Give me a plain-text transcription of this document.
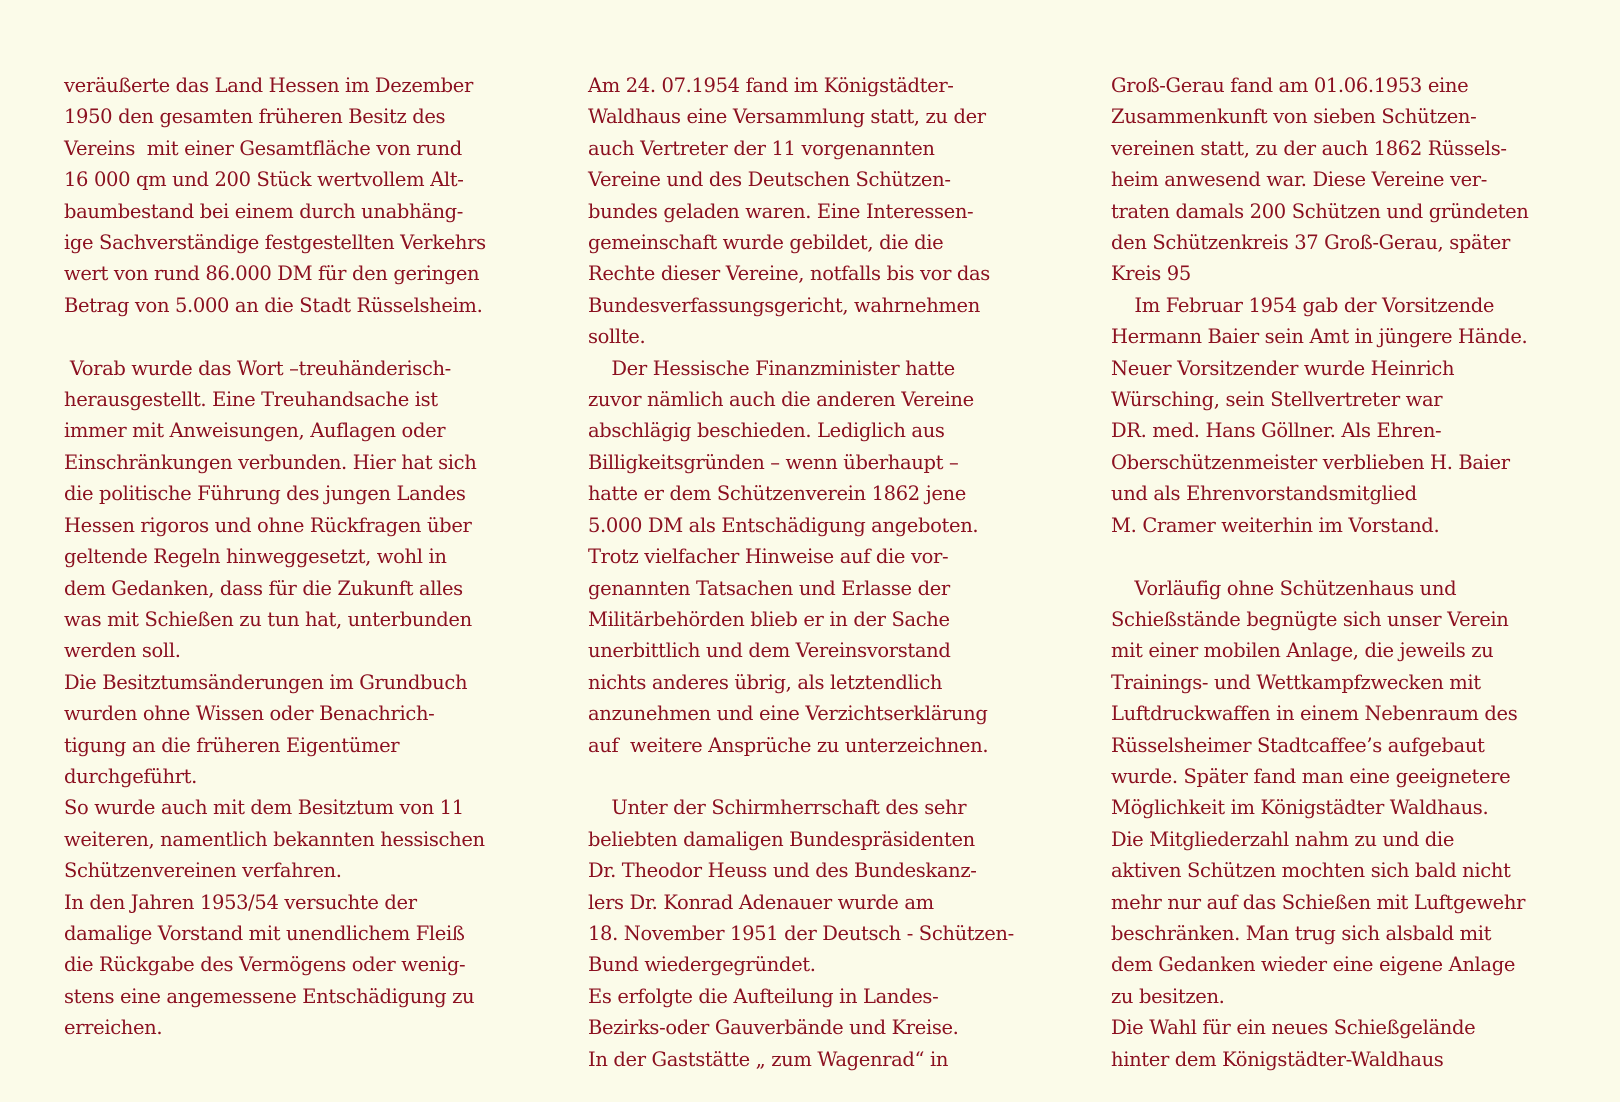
veräußerte das Land Hessen im Dezember
1950 den gesamten früheren Besitz des
Vereins  mit einer Gesamtfläche von rund
16 000 qm und 200 Stück wertvollem Alt-
baumbestand bei einem durch unabhäng-
ige Sachverständige festgestellten Verkehrs
wert von rund 86.000 DM für den geringen
Betrag von 5.000 an die Stadt Rüsselsheim.

Vorab wurde das Wort –treuhänderisch-
herausgestellt. Eine Treuhandsache ist
immer mit Anweisungen, Auflagen oder
Einschränkungen verbunden. Hier hat sich
die politische Führung des jungen Landes
Hessen rigoros und ohne Rückfragen über
geltende Regeln hinweggesetzt, wohl in
dem Gedanken, dass für die Zukunft alles
was mit Schießen zu tun hat, unterbunden
werden soll.
Die Besitztumsänderungen im Grundbuch
wurden ohne Wissen oder Benachrich-
tigung an die früheren Eigentümer
durchgeführt.
So wurde auch mit dem Besitztum von 11
weiteren, namentlich bekannten hessischen
Schützenvereinen verfahren.
In den Jahren 1953/54 versuchte der
damalige Vorstand mit unendlichem Fleiß
die Rückgabe des Vermögens oder wenig-
stens eine angemessene Entschädigung zu
erreichen.

Am 24. 07.1954 fand im Königstädter-
Waldhaus eine Versammlung statt, zu der
auch Vertreter der 11 vorgenannten
Vereine und des Deutschen Schützen-
bundes geladen waren. Eine Interessen-
gemeinschaft wurde gebildet, die die
Rechte dieser Vereine, notfalls bis vor das
Bundesverfassungsgericht, wahrnehmen
sollte.
Der Hessische Finanzminister hatte
zuvor nämlich auch die anderen Vereine
abschlägig beschieden. Lediglich aus
Billigkeitsgründen – wenn überhaupt –
hatte er dem Schützenverein 1862 jene
5.000 DM als Entschädigung angeboten.
Trotz vielfacher Hinweise auf die vor-
genannten Tatsachen und Erlasse der
Militärbehörden blieb er in der Sache
unerbittlich und dem Vereinsvorstand
nichts anderes übrig, als letztendlich
anzunehmen und eine Verzichtserklärung
auf  weitere Ansprüche zu unterzeichnen.

Unter der Schirmherrschaft des sehr
beliebten damaligen Bundespräsidenten
Dr. Theodor Heuss und des Bundeskanz-
lers Dr. Konrad Adenauer wurde am
18. November 1951 der Deutsch - Schützen-
Bund wiedergegründet.
Es erfolgte die Aufteilung in Landes-
Bezirks-oder Gauverbände und Kreise.
In der Gaststätte „ zum Wagenrad“ in

Groß-Gerau fand am 01.06.1953 eine
Zusammenkunft von sieben Schützen-
vereinen statt, zu der auch 1862 Rüssels-
heim anwesend war. Diese Vereine ver-
traten damals 200 Schützen und gründeten
den Schützenkreis 37 Groß-Gerau, später
Kreis 95
Im Februar 1954 gab der Vorsitzende
Hermann Baier sein Amt in jüngere Hände.
Neuer Vorsitzender wurde Heinrich
Würsching, sein Stellvertreter war
DR. med. Hans Göllner. Als Ehren-
Oberschützenmeister verblieben H. Baier
und als Ehrenvorstandsmitglied
M. Cramer weiterhin im Vorstand.

Vorläufig ohne Schützenhaus und
Schießstände begnügte sich unser Verein
mit einer mobilen Anlage, die jeweils zu
Trainings- und Wettkampfzwecken mit
Luftdruckwaffen in einem Nebenraum des
Rüsselsheimer Stadtcaffee’s aufgebaut
wurde. Später fand man eine geeignetere
Möglichkeit im Königstädter Waldhaus.
Die Mitgliederzahl nahm zu und die
aktiven Schützen mochten sich bald nicht
mehr nur auf das Schießen mit Luftgewehr
beschränken. Man trug sich alsbald mit
dem Gedanken wieder eine eigene Anlage
zu besitzen.
Die Wahl für ein neues Schießgelände
hinter dem Königstädter-Waldhaus
